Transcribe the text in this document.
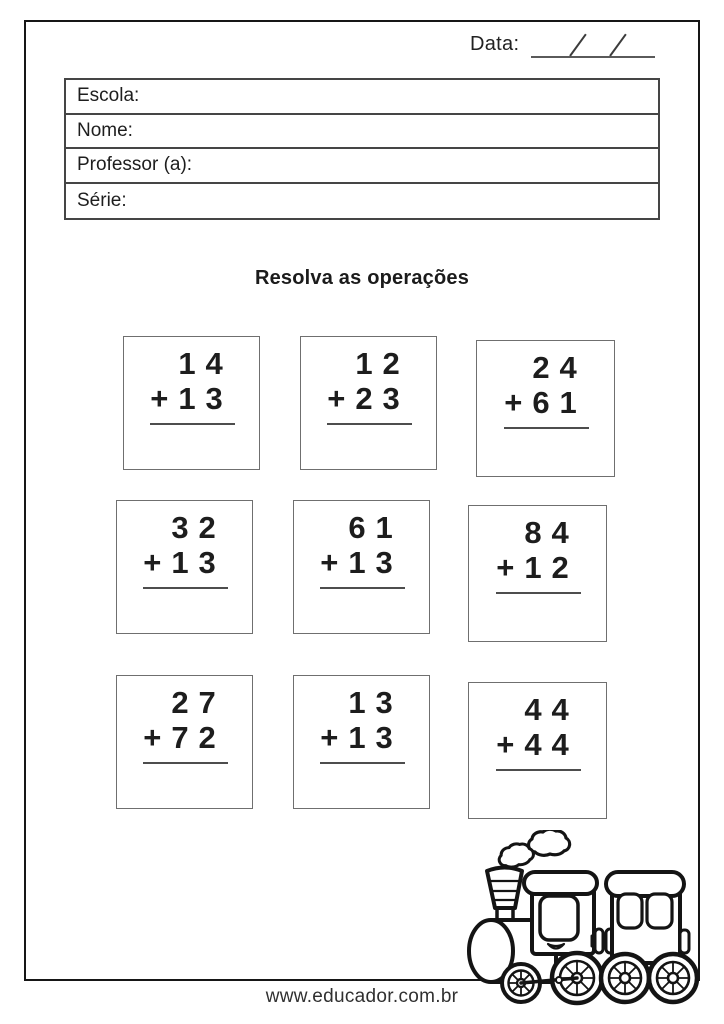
Data:
Escola:
Nome:
Professor (a):
Série:
Resolva as operações
14
+13
12
+23
24
+61
32
+13
61
+13
84
+12
27
+72
13
+13
44
+44
www.educador.com.br
